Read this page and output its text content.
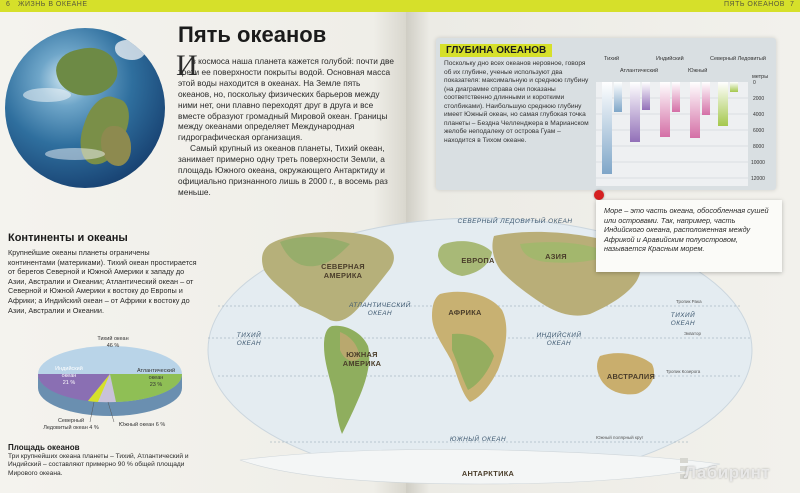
6 ЖИЗНЬ В ОКЕАНЕ
Пять океанов
И

з космоса наша планета кажется голубой: почти две трети ее поверхности покрыты водой. Основная масса этой воды находится в океанах. На Земле пять океанов, но, поскольку физических барьеров между ними нет, они плавно переходят друг в друга и все вместе образуют громадный Мировой океан. Границы между океанами определяет Международная гидрографическая организация.

Самый крупный из океанов планеты, Тихий океан, занимает примерно одну треть поверхности Земли, а площадь Южного океана, окружающего Антарктиду и официально признанного лишь в 2000 г., в восемь раз меньше.

Континенты и океаны
Крупнейшие океаны планеты ограничены континентами (материками). Тихий океан простирается от берегов Северной и Южной Америки к западу до Азии, Австралии и Океании; Атлантический океан – от Северной и Южной Америки к востоку до Европы и Африки; а Индийский океан – от Африки к востоку до Азии, Австралии и Океании.
Тихий океан
46 %
Индийский океан
21 %
Атлантический океан
23 %
Северный
Ледовитый океан 4 %	Южный океан 6 %
Площадь океанов
Три крупнейших океана планеты – Тихий, Атлантический и Индийский – составляют примерно 90 % общей площади Мирового океана.
ПЯТЬ ОКЕАНОВ 7
ГЛУБИНА ОКЕАНОВ
Поскольку дно всех океанов неровное, говоря об их глубине, ученые используют два показателя: максимальную и среднюю глубину (на диаграмме справа они показаны соответственно длинными и короткими столбиками). Наибольшую среднюю глубину имеет Южный океан, но самая глубокая точка планеты – Бездна Челленджера в Марианском желобе неподалеку от острова Гуам – находится в Тихом океане.
Тихий
Атлантический
Индийский
Южный
Северный Ледовитый
метры
0
2000
4000
6000
8000
10000
12000
СЕВЕРНАЯ
АМЕРИКА
ЮЖНАЯ
АМЕРИКА
ЕВРОПА	АЗИЯ
АФРИКА
АВСТРАЛИЯ
АНТАРКТИКА
СЕВЕРНЫЙ ЛЕДОВИТЫЙ ОКЕАН
АТЛАНТИЧЕСКИЙ
ОКЕАН
ТИХИЙ
ОКЕАН
ТИХИЙ
ОКЕАН
ИНДИЙСКИЙ
ОКЕАН
ЮЖНЫЙ ОКЕАН
Тропик Рака
Экватор
Тропик Козерога
Южный полярный круг
Море – это часть океана, обособленная сушей или островами. Так, например, часть Индийского океана, расположенная между Африкой и Аравийским полуостровом, называется Красным морем.
Лабиринт
